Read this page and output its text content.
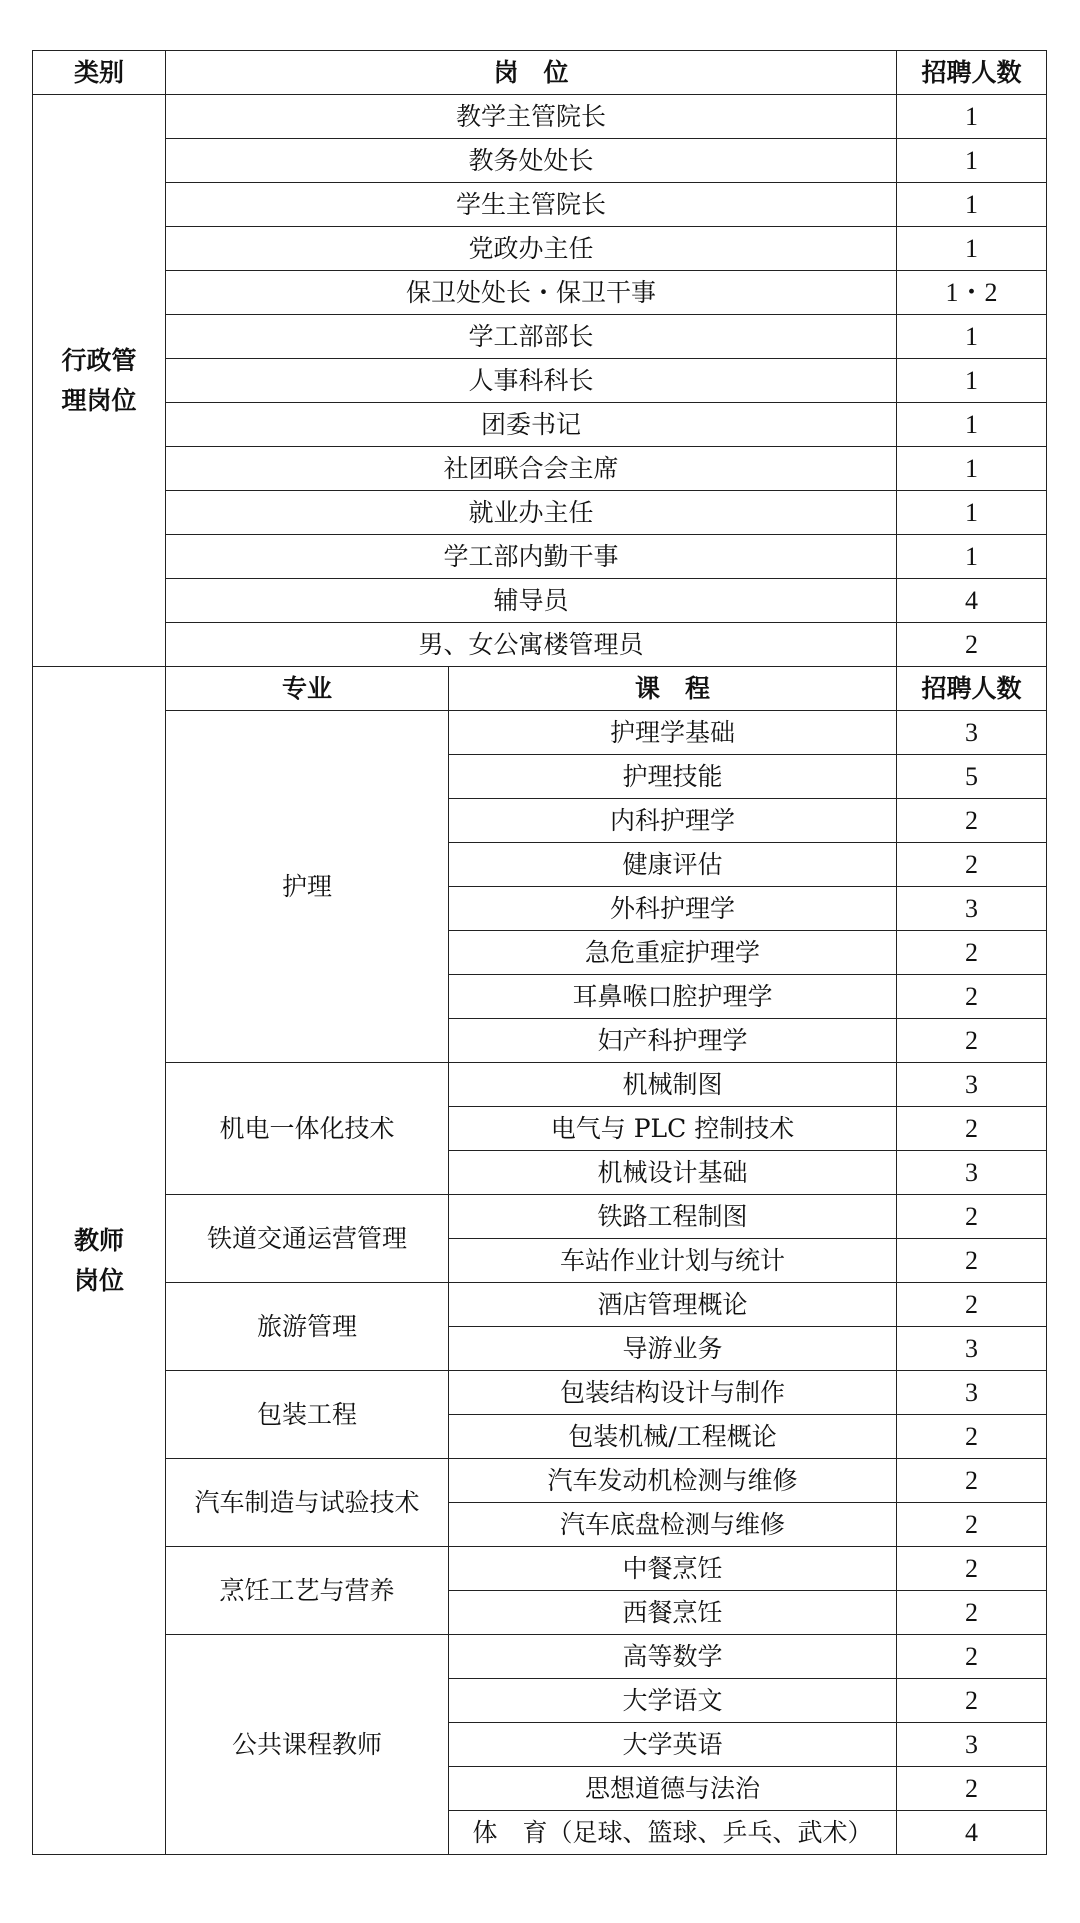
类别	岗　位		招聘人数

行政管
理岗位	教学主管院长		1
	教务处处长		1
	学生主管院长		1
	党政办主任		1
	保卫处处长・保卫干事		1・2
	学工部部长		1
	人事科科长		1
	团委书记		1
	社团联合会主席		1
	就业办主任		1
	学工部内勤干事		1
	辅导员		4
	男、女公寓楼管理员		2

教师
岗位	专业	课　程	招聘人数
	护理	护理学基础	3
		护理技能	5
		内科护理学	2
		健康评估	2
		外科护理学	3
		急危重症护理学	2
		耳鼻喉口腔护理学	2
		妇产科护理学	2
	机电一体化技术	机械制图	3
		电气与 PLC 控制技术	2
		机械设计基础	3
	铁道交通运营管理	铁路工程制图	2
		车站作业计划与统计	2
	旅游管理	酒店管理概论	2
		导游业务	3
	包装工程	包装结构设计与制作	3
		包装机械/工程概论	2
	汽车制造与试验技术	汽车发动机检测与维修	2
		汽车底盘检测与维修	2
	烹饪工艺与营养	中餐烹饪	2
		西餐烹饪	2
	公共课程教师	高等数学	2
		大学语文	2
		大学英语	3
		思想道德与法治	2
		体　育（足球、篮球、乒乓、武术）	4
